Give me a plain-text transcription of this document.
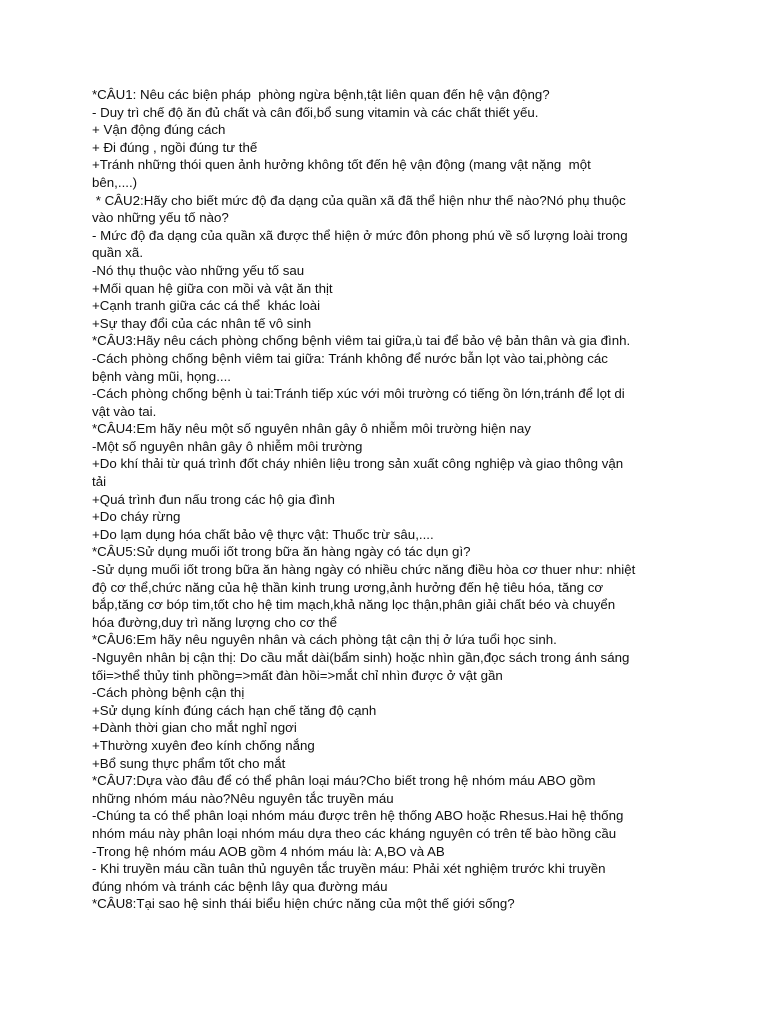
*CÂU1: Nêu các biện pháp  phòng ngừa bệnh,tật liên quan đến hệ vận động?
- Duy trì chế độ ăn đủ chất và cân đối,bổ sung vitamin và các chất thiết yếu.
+ Vận động đúng cách
+ Đi đúng , ngồi đúng tư thế
+Tránh những thói quen ảnh hưởng không tốt đến hệ vận động (mang vật nặng  một
bên,....)
* CÂU2:Hãy cho biết mức độ đa dạng của quần xã đã thể hiện như thế nào?Nó phụ thuộc
vào những yếu tố nào?
- Mức độ đa dạng của quần xã được thể hiện ở mức đôn phong phú về số lượng loài trong
quần xã.
-Nó thụ thuộc vào những yếu tố sau
+Mối quan hệ giữa con mồi và vật ăn thịt
+Cạnh tranh giữa các cá thể  khác loài
+Sự thay đổi của các nhân tế vô sinh
*CÂU3:Hãy nêu cách phòng chống bệnh viêm tai giữa,ù tai để bảo vệ bản thân và gia đình.
-Cách phòng chống bệnh viêm tai giữa: Tránh không để nước bẫn lọt vào tai,phòng các
bệnh vàng mũi, họng....
-Cách phòng chống bệnh ù tai:Tránh tiếp xúc với môi trường có tiếng ồn lớn,tránh để lọt di
vật vào tai.
*CÂU4:Em hãy nêu một số nguyên nhân gây ô nhiễm môi trường hiện nay
-Một số nguyên nhân gây ô nhiễm môi trường
+Do khí thải từ quá trình đốt cháy nhiên liệu trong sản xuất công nghiệp và giao thông vận
tải
+Quá trình đun nấu trong các hộ gia đình
+Do cháy rừng
+Do lạm dụng hóa chất bảo vệ thực vật: Thuốc trừ sâu,....
*CÂU5:Sử dụng muối iốt trong bữa ăn hàng ngày có tác dụn gì?
-Sử dụng muối iốt trong bữa ăn hàng ngày có nhiều chức năng điều hòa cơ thuer như: nhiệt
độ cơ thể,chức năng của hệ thần kinh trung ương,ảnh hưởng đến hệ tiêu hóa, tăng cơ
bắp,tăng cơ bóp tim,tốt cho hệ tim mạch,khả năng lọc thận,phân giải chất béo và chuyển
hóa đường,duy trì năng lượng cho cơ thể
*CÂU6:Em hãy nêu nguyên nhân và cách phòng tật cận thị ở lứa tuổi học sinh.
-Nguyên nhân bị cận thị: Do cầu mắt dài(bẩm sinh) hoặc nhìn gần,đọc sách trong ánh sáng
tối=>thể thủy tinh phồng=>mất đàn hồi=>mắt chỉ nhìn được ở vật gần
-Cách phòng bệnh cận thị
+Sử dụng kính đúng cách hạn chế tăng độ cạnh
+Dành thời gian cho mắt nghỉ ngơi
+Thường xuyên đeo kính chống nắng
+Bổ sung thực phẩm tốt cho mắt
*CÂU7:Dựa vào đâu để có thể phân loại máu?Cho biết trong hệ nhóm máu ABO gồm
những nhóm máu nào?Nêu nguyên tắc truyền máu
-Chúng ta có thể phân loại nhóm máu được trên hệ thống ABO hoặc Rhesus.Hai hệ thống
nhóm máu này phân loại nhóm máu dựa theo các kháng nguyên có trên tế bào hồng cầu
-Trong hệ nhóm máu AOB gồm 4 nhóm máu là: A,BO và AB
- Khi truyền máu cần tuân thủ nguyên tắc truyền máu: Phải xét nghiệm trước khi truyền
đúng nhóm và tránh các bệnh lây qua đường máu
*CÂU8:Tại sao hệ sinh thái biểu hiện chức năng của một thế giới sống?
